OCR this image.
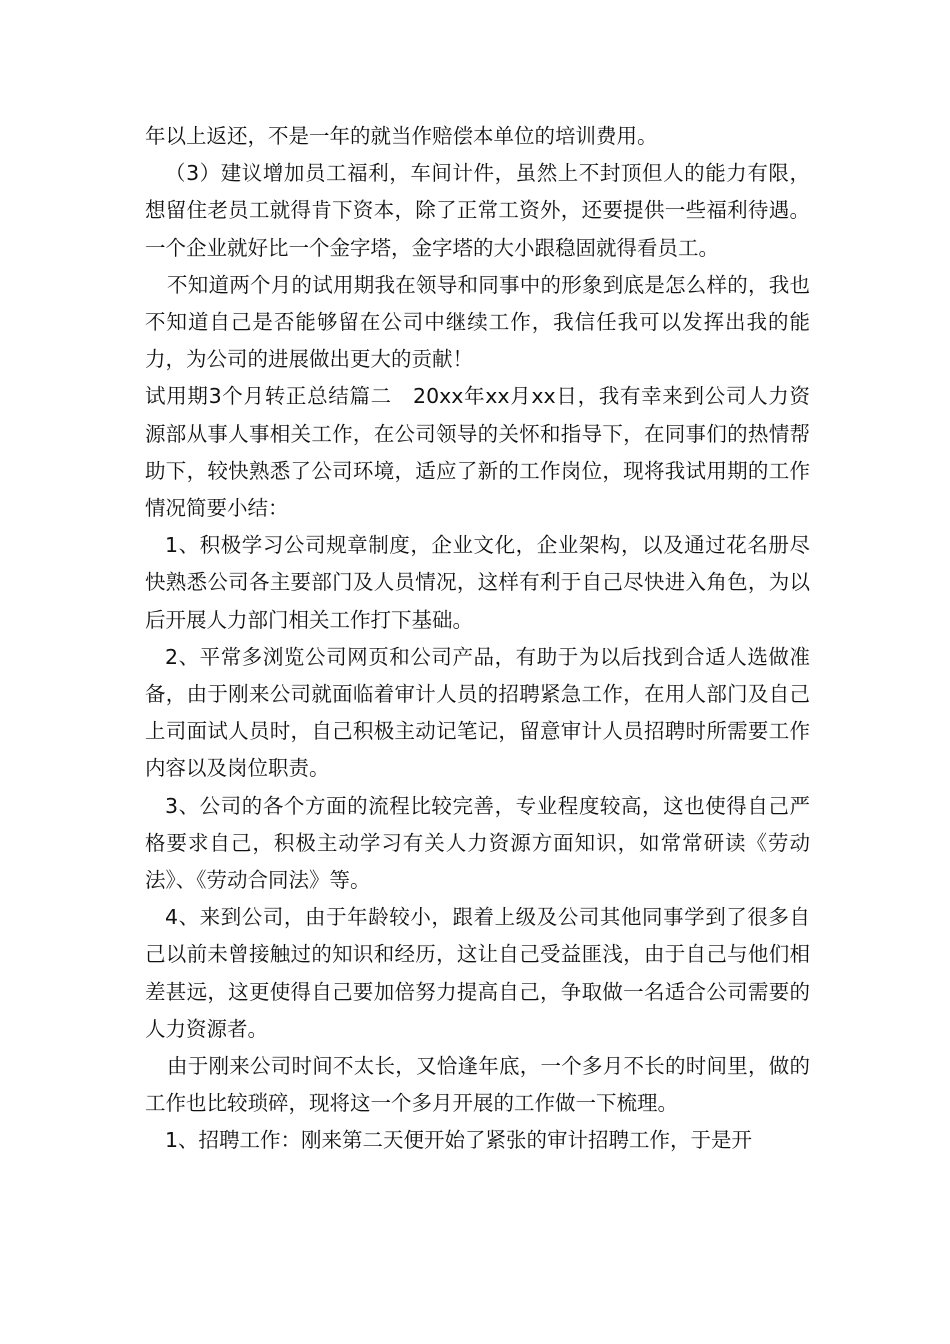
年以上返还，不是一年的就当作赔偿本单位的培训费用。

（3）建议增加员工福利，车间计件，虽然上不封顶但人的能力有限，想留住老员工就得肯下资本，除了正常工资外，还要提供一些福利待遇。一个企业就好比一个金字塔，金字塔的大小跟稳固就得看员工。

不知道两个月的试用期我在领导和同事中的形象到底是怎么样的，我也不知道自己是否能够留在公司中继续工作，我信任我可以发挥出我的能力，为公司的进展做出更大的贡献！

试用期3个月转正总结篇二　20xx年xx月xx日，我有幸来到公司人力资源部从事人事相关工作，在公司领导的关怀和指导下，在同事们的热情帮助下，较快熟悉了公司环境，适应了新的工作岗位，现将我试用期的工作情况简要小结：

1、积极学习公司规章制度，企业文化，企业架构，以及通过花名册尽快熟悉公司各主要部门及人员情况，这样有利于自己尽快进入角色，为以后开展人力部门相关工作打下基础。

2、平常多浏览公司网页和公司产品，有助于为以后找到合适人选做准备，由于刚来公司就面临着审计人员的招聘紧急工作，在用人部门及自己上司面试人员时，自己积极主动记笔记，留意审计人员招聘时所需要工作内容以及岗位职责。

3、公司的各个方面的流程比较完善，专业程度较高，这也使得自己严格要求自己，积极主动学习有关人力资源方面知识，如常常研读《劳动法》、《劳动合同法》等。

4、来到公司，由于年龄较小，跟着上级及公司其他同事学到了很多自己以前未曾接触过的知识和经历，这让自己受益匪浅，由于自己与他们相差甚远，这更使得自己要加倍努力提高自己，争取做一名适合公司需要的人力资源者。

由于刚来公司时间不太长，又恰逢年底，一个多月不长的时间里，做的工作也比较琐碎，现将这一个多月开展的工作做一下梳理。

1、招聘工作：刚来第二天便开始了紧张的审计招聘工作，于是开
